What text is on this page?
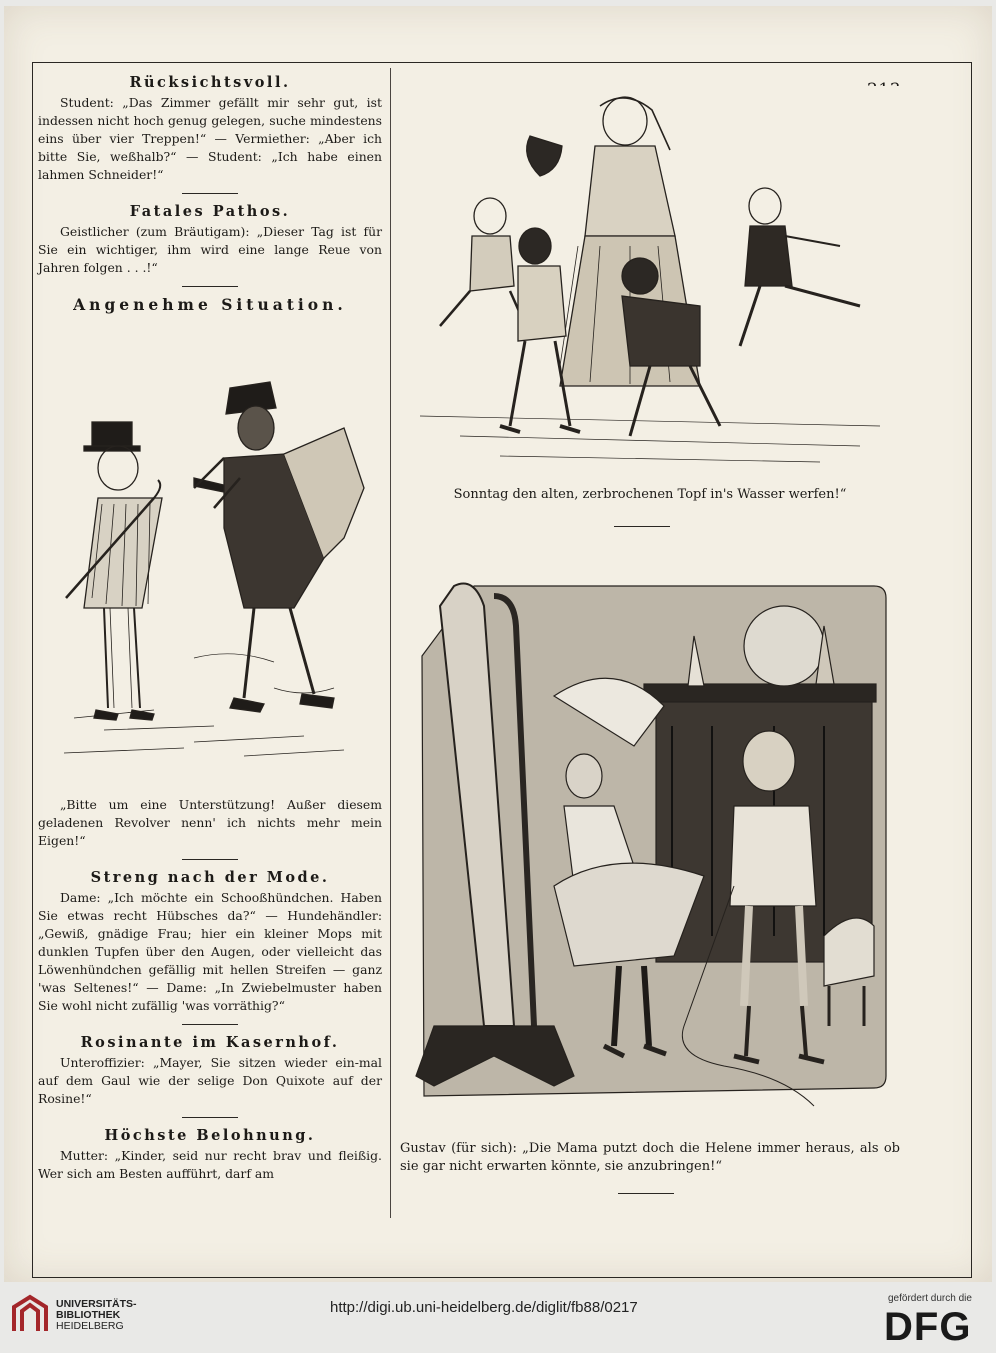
Rücksichtsvoll.

Student: „Das Zimmer gefällt mir sehr gut, ist indessen nicht hoch genug gelegen, suche mindestens eins über vier Treppen!“ — Vermiether: „Aber ich bitte Sie, weßhalb?“ — Student: „Ich habe einen lahmen Schneider!“

Fatales Pathos.

Geistlicher (zum Bräutigam): „Dieser Tag ist für Sie ein wichtiger, ihm wird eine lange Reue von Jahren folgen . . .!“

Angenehme Situation.

„Bitte um eine Unterstützung! Außer diesem geladenen Revolver nenn' ich nichts mehr mein Eigen!“

Streng nach der Mode.

Dame: „Ich möchte ein Schooßhündchen. Haben Sie etwas recht Hübsches da?“ — Hundehändler: „Gewiß, gnädige Frau; hier ein kleiner Mops mit dunklen Tupfen über den Augen, oder vielleicht das Löwenhündchen gefällig mit hellen Streifen — ganz 'was Seltenes!“ — Dame: „In Zwiebelmuster haben Sie wohl nicht zufällig 'was vorräthig?“

Rosinante im Kasernhof.

Unteroffizier: „Mayer, Sie sitzen wieder ein-mal auf dem Gaul wie der selige Don Quixote auf der Rosine!“

Höchste Belohnung.

Mutter: „Kinder, seid nur recht brav und fleißig. Wer sich am Besten aufführt, darf am

Sonntag den alten, zerbrochenen Topf in's Wasser werfen!“
Gustav (für sich): „Die Mama putzt doch die Helene immer heraus, als ob sie gar nicht erwarten könnte, sie anzubringen!“
UNIVERSITÄTS-
BIBLIOTHEK
HEIDELBERG
http://digi.ub.uni-heidelberg.de/diglit/fb88/0217
gefördert durch die
DFG
